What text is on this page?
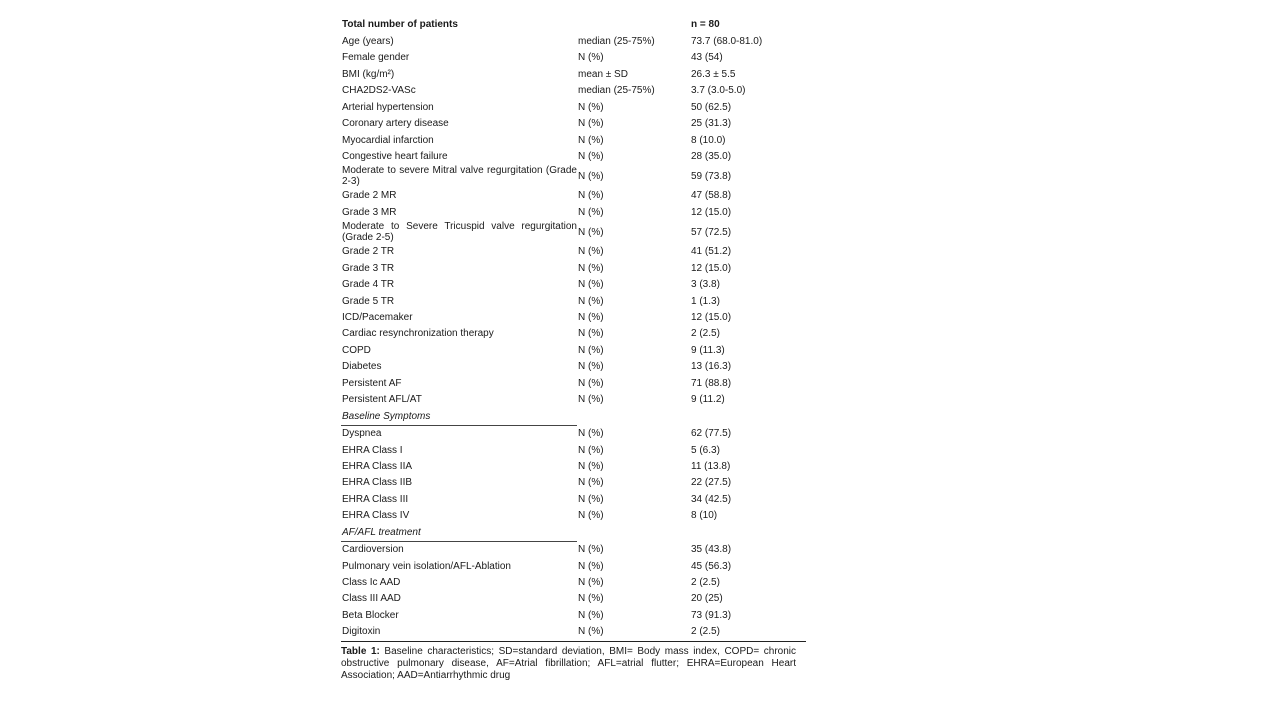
Total number of patients		n = 80
Age (years)	median (25-75%)	73.7 (68.0-81.0)
Female gender	N (%)	43 (54)
BMI (kg/m²)	mean ± SD	26.3 ± 5.5
CHA2DS2-VASc	median (25-75%)	3.7 (3.0-5.0)
Arterial hypertension	N (%)	50 (62.5)
Coronary artery disease	N (%)	25 (31.3)
Myocardial infarction	N (%)	8 (10.0)
Congestive heart failure	N (%)	28 (35.0)
Moderate to severe Mitral valve regurgitation (Grade 2-3)	N (%)	59 (73.8)
Grade 2 MR	N (%)	47 (58.8)
Grade 3 MR	N (%)	12 (15.0)
Moderate to Severe Tricuspid valve regurgitation (Grade 2-5)	N (%)	57 (72.5)
Grade 2 TR	N (%)	41 (51.2)
Grade 3 TR	N (%)	12 (15.0)
Grade 4 TR	N (%)	3 (3.8)
Grade 5 TR	N (%)	1 (1.3)
ICD/Pacemaker	N (%)	12 (15.0)
Cardiac resynchronization therapy	N (%)	2 (2.5)
COPD	N (%)	9 (11.3)
Diabetes	N (%)	13 (16.3)
Persistent AF	N (%)	71 (88.8)
Persistent AFL/AT	N (%)	9 (11.2)
Baseline Symptoms		
Dyspnea	N (%)	62 (77.5)
EHRA Class I	N (%)	5 (6.3)
EHRA Class IIA	N (%)	11 (13.8)
EHRA Class IIB	N (%)	22 (27.5)
EHRA Class III	N (%)	34 (42.5)
EHRA Class IV	N (%)	8 (10)
AF/AFL treatment		
Cardioversion	N (%)	35 (43.8)
Pulmonary vein isolation/AFL-Ablation	N (%)	45 (56.3)
Class Ic AAD	N (%)	2 (2.5)
Class III AAD	N (%)	20 (25)
Beta Blocker	N (%)	73 (91.3)
Digitoxin	N (%)	2 (2.5)
Table 1: Baseline characteristics; SD=standard deviation, BMI= Body mass index, COPD= chronic obstructive pulmonary disease, AF=Atrial fibrillation; AFL=atrial flutter; EHRA=European Heart Association; AAD=Antiarrhythmic drug
